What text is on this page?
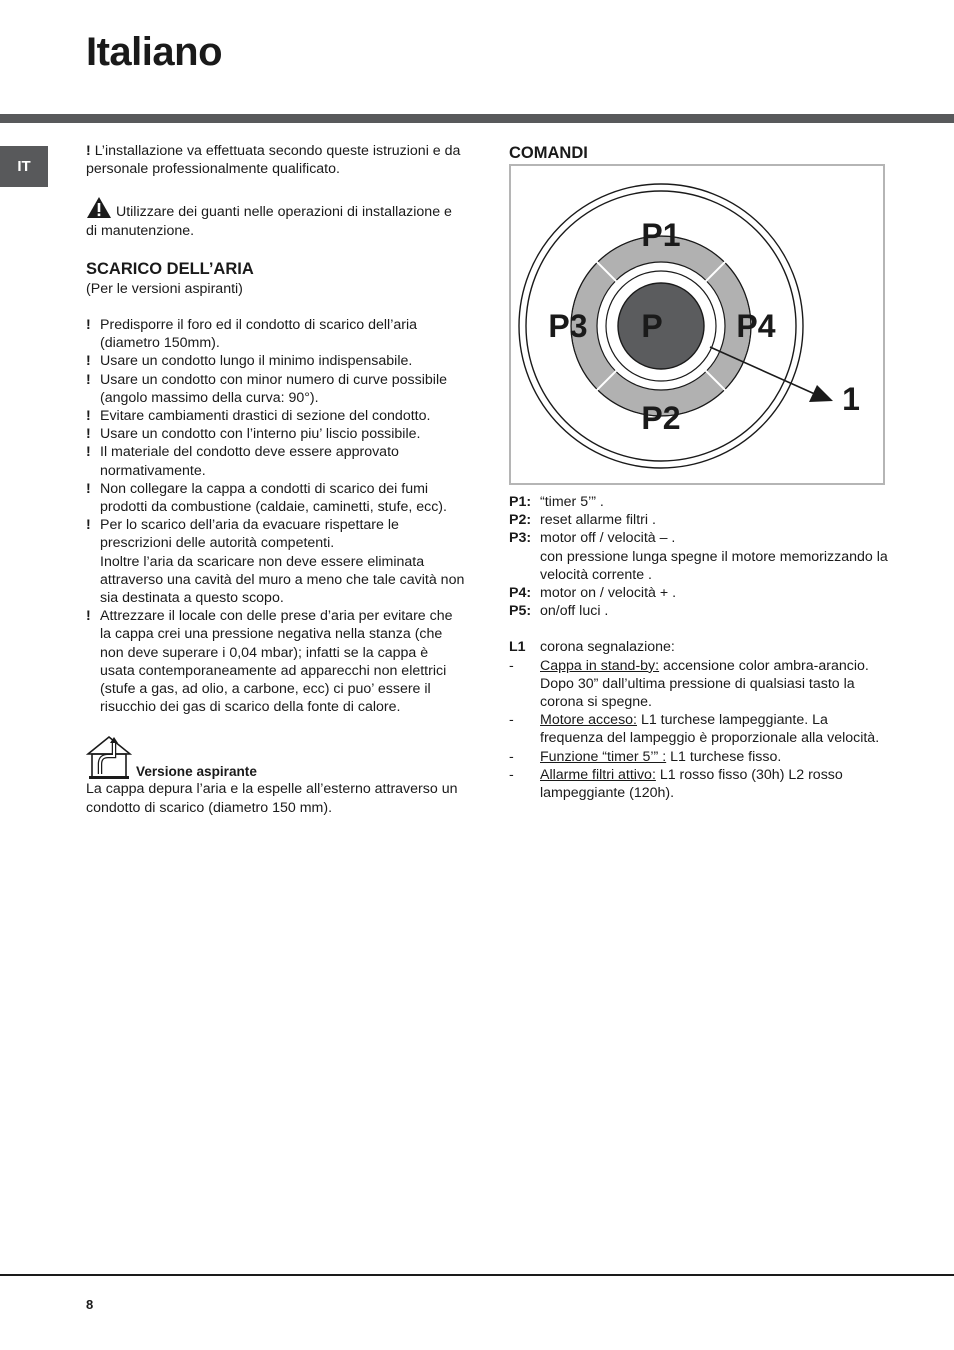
Italiano
IT

! L’installazione va effettuata secondo queste istruzioni e da personale professionalmente qualificato.

Utilizzare dei guanti nelle operazioni di installazione e di manutenzione.
SCARICO DELL’ARIA

(Per le versioni aspiranti)

! Predisporre il foro ed il condotto di scarico dell’aria (diametro 150mm).
! Usare un condotto lungo il minimo indispensabile.
! Usare un condotto con minor numero di curve possibile (angolo massimo della curva: 90°).
! Evitare cambiamenti drastici di sezione del condotto.
! Usare un condotto con l’interno piu’ liscio possibile.
! Il materiale del condotto deve essere approvato normativamente.
! Non collegare la cappa a condotti di scarico dei fumi prodotti da combustione (caldaie, caminetti, stufe, ecc).
! Per lo scarico dell’aria da evacuare rispettare le prescrizioni delle autorità competenti.
Inoltre l’aria da scaricare non deve essere eliminata attraverso una cavità del muro a meno che tale cavità non sia destinata a questo scopo.
! Attrezzare il locale con delle prese d’aria per evitare che la cappa crei una pressione negativa nella stanza (che non deve superare i 0,04 mbar); infatti se la cappa è usata contemporaneamente ad apparecchi non elettrici (stufe a gas, ad olio, a carbone, ecc) ci puo’ essere il risucchio dei gas di scarico della fonte di calore.
Versione aspirante

La cappa depura l’aria e la espelle all’esterno attraverso un condotto di scarico (diametro 150 mm).

COMANDI
P1
P2
P3	P4
P
1
P1: “timer 5’” .
P2: reset allarme filtri .
P3: motor off / velocità – .
con pressione lunga spegne il motore memorizzando la velocità corrente .
P4: motor on / velocità + .
P5: on/off luci .
L1	corona segnalazione:
-	Cappa in stand-by: accensione color ambra-arancio. Dopo 30” dall’ultima pressione di qualsiasi tasto la corona si spegne.
-	Motore acceso: L1 turchese lampeggiante. La frequenza del lampeggio è proporzionale alla velocità.
-	Funzione “timer 5’” : L1 turchese fisso.
-	Allarme filtri attivo: L1 rosso fisso (30h) L2 rosso lampeggiante (120h).
8
